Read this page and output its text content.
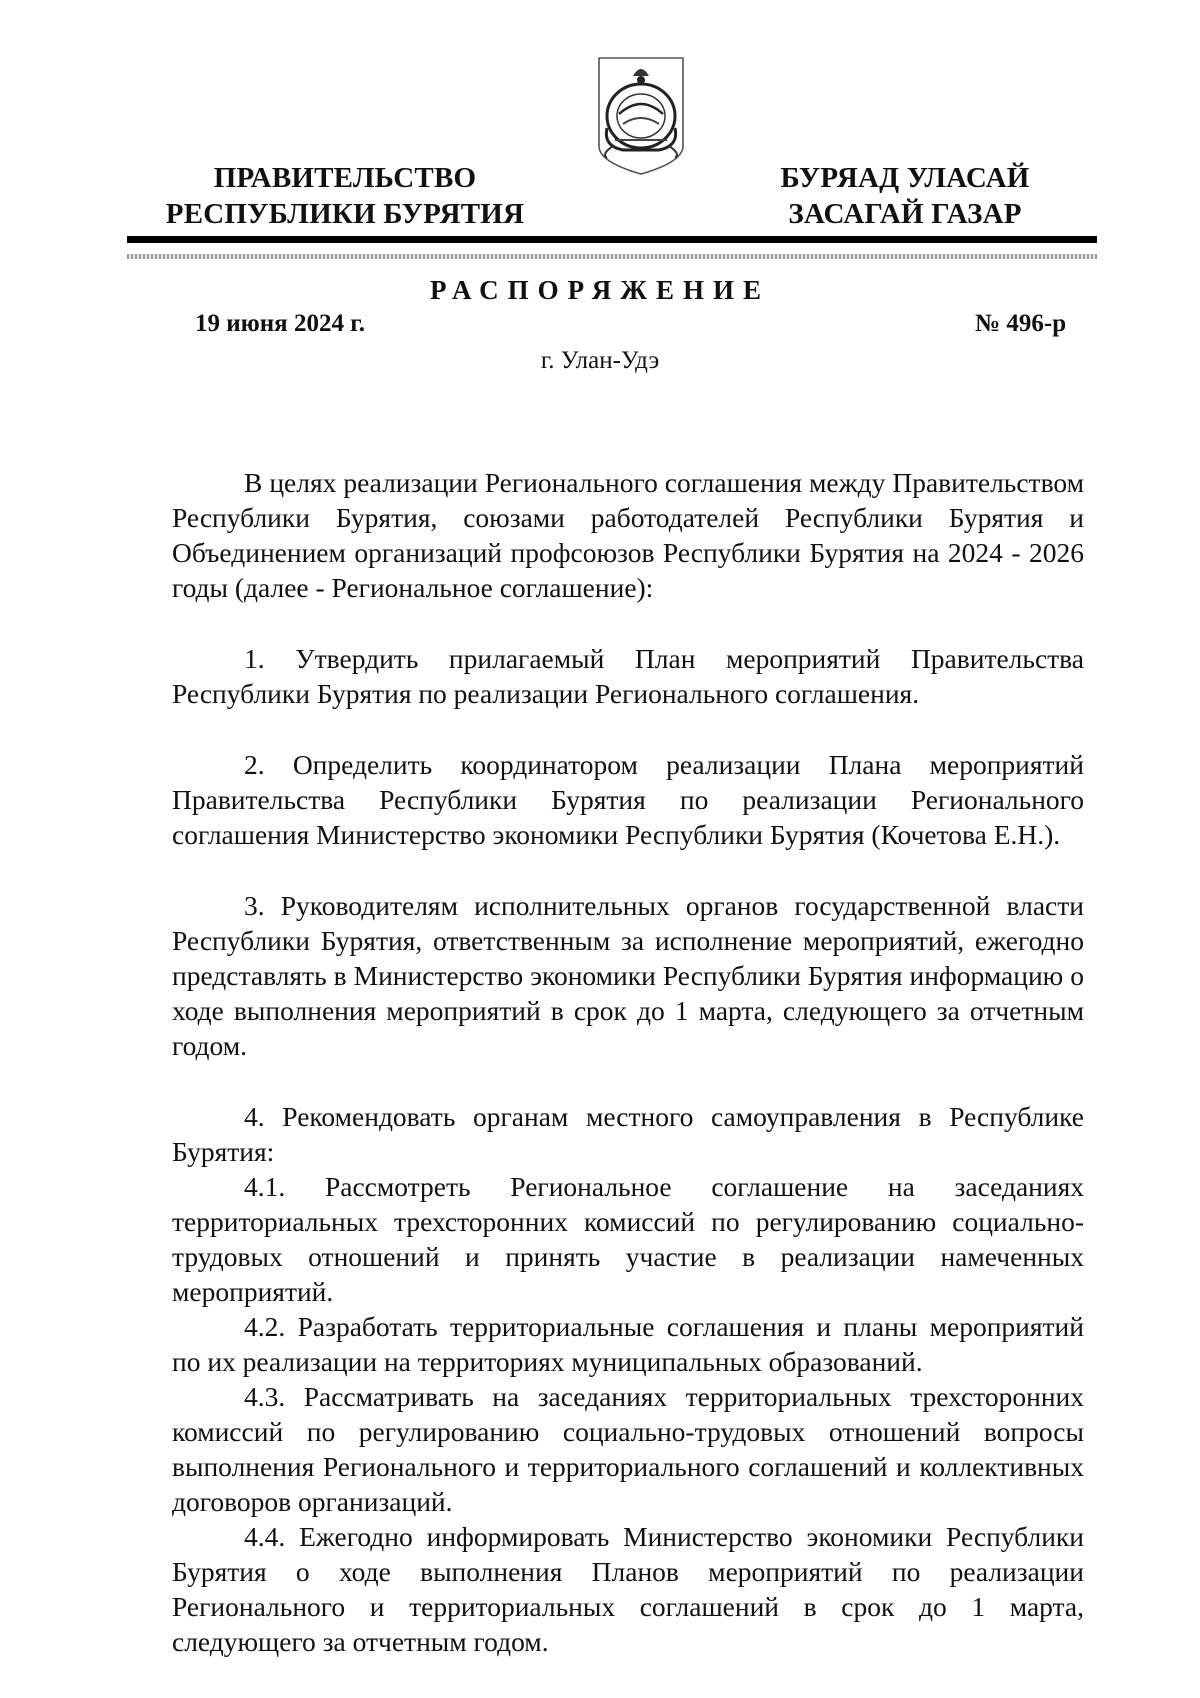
ПРАВИТЕЛЬСТВО
РЕСПУБЛИКИ БУРЯТИЯ
БУРЯАД УЛАСАЙ
ЗАСАГАЙ ГАЗАР
РАСПОРЯЖЕНИЕ
19 июня 2024 г.	№ 496-р
г. Улан-Удэ

В целях реализации Регионального соглашения между Правительством Республики Бурятия, союзами работодателей Республики Бурятия и Объединением организаций профсоюзов Республики Бурятия на 2024 - 2026 годы (далее - Региональное соглашение):

1. Утвердить прилагаемый План мероприятий Правительства Республики Бурятия по реализации Регионального соглашения.

2. Определить координатором реализации Плана мероприятий Правительства Республики Бурятия по реализации Регионального соглашения Министерство экономики Республики Бурятия (Кочетова Е.Н.).

3. Руководителям исполнительных органов государственной власти Республики Бурятия, ответственным за исполнение мероприятий, ежегодно представлять в Министерство экономики Республики Бурятия информацию о ходе выполнения мероприятий в срок до 1 марта, следующего за отчетным годом.

4. Рекомендовать органам местного самоуправления в Республике Бурятия:

4.1. Рассмотреть Региональное соглашение на заседаниях территориальных трехсторонних комиссий по регулированию социально-трудовых отношений и принять участие в реализации намеченных мероприятий.

4.2. Разработать территориальные соглашения и планы мероприятий по их реализации на территориях муниципальных образований.

4.3. Рассматривать на заседаниях территориальных трехсторонних комиссий по регулированию социально-трудовых отношений вопросы выполнения Регионального и территориального соглашений и коллективных договоров организаций.

4.4. Ежегодно информировать Министерство экономики Республики Бурятия о ходе выполнения Планов мероприятий по реализации Регионального и территориальных соглашений в срок до 1 марта, следующего за отчетным годом.
